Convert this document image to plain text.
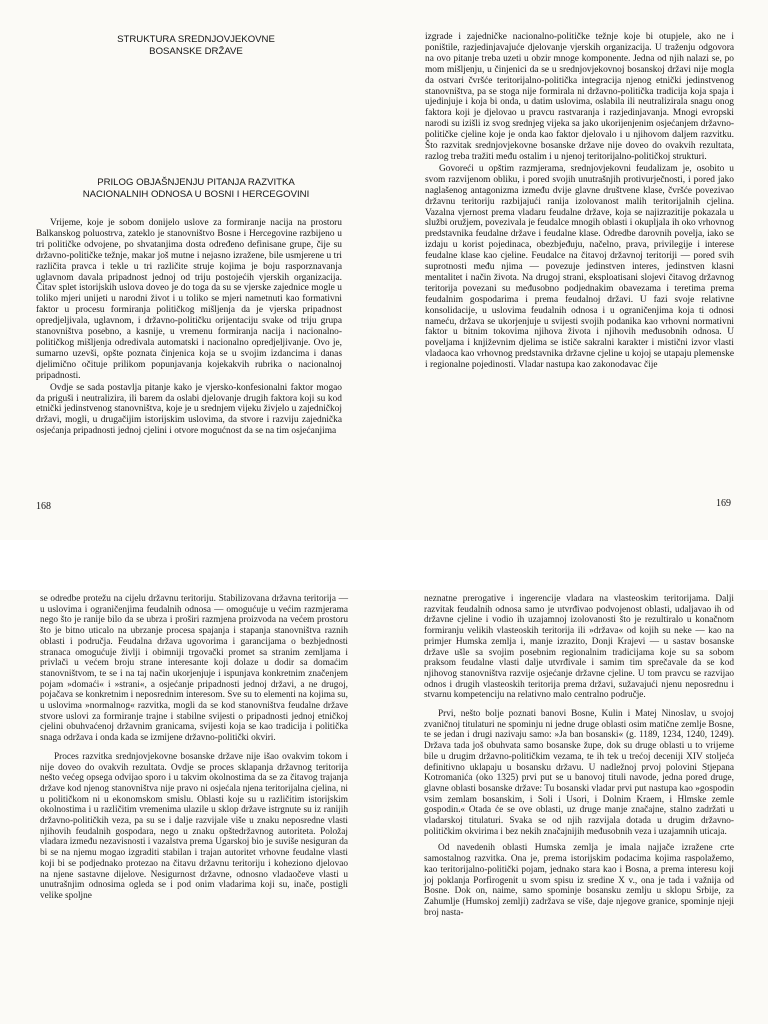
STRUKTURA SREDNJOVJEKOVNE

BOSANSKE DRŽAVE

PRILOG OBJAŠNJENJU PITANJA RAZVITKA

NACIONALNIH ODNOSA U BOSNI I HERCEGOVINI

Vrijeme, koje je sobom donijelo uslove za formiranje nacija na prostoru Balkanskog poluostrva, zateklo je stanovništvo Bosne i Hercegovine razbijeno u tri političke odvojene, po shvatanjima dosta određeno definisane grupe, čije su državno-političke težnje, makar još mutne i nejasno izražene, bile usmjerene u tri različita pravca i tekle u tri različite struje kojima je boju rasporznavanja uglavnom davala pripadnost jednoj od triju postojećih vjerskih organizacija. Čitav splet istorijskih uslova doveo je do toga da su se vjerske zajednice mogle u toliko mjeri unijeti u narodni život i u toliko se mjeri nametnuti kao formativni faktor u procesu formiranja političkog mišljenja da je vjerska pripadnost opredjeljivala, uglavnom, i državno-političku orijentaciju svake od triju grupa stanovništva posebno, a kasnije, u vremenu formiranja nacija i nacionalno-političkog mišljenja odredivala automatski i nacionalno opredjeljivanje. Ovo je, sumarno uzevši, opšte poznata činjenica koja se u svojim izdancima i danas djelimično očituje prilikom popunjavanja kojekakvih rubrika o nacionalnoj pripadnosti.

Ovdje se sada postavlja pitanje kako je vjersko-konfesionalni faktor mogao da priguši i neutralizira, ili barem da oslabi djelovanje drugih faktora koji su kod etnički jedinstvenog stanovništva, koje je u srednjem vijeku živjelo u zajedničkoj državi, mogli, u drugačijim istorijskim uslovima, da stvore i razviju zajednička osjećanja pripadnosti jednoj cjelini i otvore mogućnost da se na tim osjećanjima

168

izgrade i zajedničke nacionalno-političke težnje koje bi otupjele, ako ne i poništile, razjedinjavajuće djelovanje vjerskih organizacija. U traženju odgovora na ovo pitanje treba uzeti u obzir mnoge komponente. Jedna od njih nalazi se, po mom mišljenju, u činjenici da se u srednjovjekovnoj bosanskoj državi nije mogla da ostvari čvršće teritorijalno-politička integracija njenog etnički jedinstvenog stanovništva, pa se stoga nije formirala ni državno-politička tradicija koja spaja i ujedinjuje i koja bi onda, u datim uslovima, oslabila ili neutralizirala snagu onog faktora koji je djelovao u pravcu rastvaranja i razjedinjavanja. Mnogi evropski narodi su izišli iz svog srednjeg vijeka sa jako ukorijenjenim osjećanjem državno-političke cjeline koje je onda kao faktor djelovalo i u njihovom daljem razvitku. Što razvitak srednjovjekovne bosanske države nije doveo do ovakvih rezultata, razlog treba tražiti među ostalim i u njenoj teritorijalno-političkoj strukturi.

Govoreći u opštim razmjerama, srednjovjekovni feudalizam je, osobito u svom razvijenom obliku, i pored svojih unutrašnjih protivurječnosti, i pored jako naglašenog antagonizma između dvije glavne društvene klase, čvršće povezivao državnu teritoriju razbijajući ranija izolovanost malih teritorijalnih cjelina. Vazalna vjernost prema vladaru feudalne države, koja se najizrazitije pokazala u službi oružjem, povezivala je feudalce mnogih oblasti i okupljala ih oko vrhovnog predstavnika feudalne države i feudalne klase. Odredbe darovnih povelja, iako se izdaju u korist pojedinaca, obezbjeđuju, načelno, prava, privilegije i interese feudalne klase kao cjeline. Feudalce na čitavoj državnoj teritoriji — pored svih suprotnosti među njima — povezuje jedinstven interes, jedinstven klasni mentalitet i način života. Na drugoj strani, eksploatisani slojevi čitavog državnog teritorija povezani su međusobno podjednakim obavezama i teretima prema feudalnim gospodarima i prema feudalnoj državi. U fazi svoje relativne konsolidacije, u uslovima feudalnih odnosa i u ograničenjima koja ti odnosi nameću, država se ukorjenjuje u svijesti svojih podanika kao vrhovni normativni faktor u bitnim tokovima njihova života i njihovih međusobnih odnosa. U poveljama i književnim djelima se ističe sakralni karakter i mistični izvor vlasti vladaoca kao vrhovnog predstavnika državne cjeline u kojoj se utapaju plemenske i regionalne pojedinosti. Vladar nastupa kao zakonodavac čije

169

se odredbe protežu na cijelu državnu teritoriju. Stabilizovana državna teritorija — u uslovima i ograničenjima feudalnih odnosa — omogućuje u većim razmjerama nego što je ranije bilo da se ubrza i proširi razmjena proizvoda na većem prostoru što je bitno uticalo na ubrzanje procesa spajanja i stapanja stanovništva raznih oblasti i područja. Feudalna država ugovorima i garancijama o bezbjednosti stranaca omogućuje življi i obimniji trgovački promet sa stranim zemljama i privlači u većem broju strane interesante koji dolaze u dodir sa domaćim stanovništvom, te se i na taj način ukorjenjuje i ispunjava konkretnim značenjem pojam »domaći« i »strani«, a osjećanje pripadnosti jednoj državi, a ne drugoj, pojačava se konkretnim i neposrednim interesom. Sve su to elementi na kojima su, u uslovima »normalnog« razvitka, mogli da se kod stanovništva feudalne države stvore uslovi za formiranje trajne i stabilne svijesti o pripadnosti jednoj etničkoj cjelini obuhvaćenoj državnim granicama, svijesti koja se kao tradicija i politička snaga održava i onda kada se izmijene državno-politički okviri.

Proces razvitka srednjovjekovne bosanske države nije išao ovakvim tokom i nije doveo do ovakvih rezultata. Ovdje se proces sklapanja državnog teritorija nešto većeg opsega odvijao sporo i u takvim okolnostima da se za čitavog trajanja države kod njenog stanovništva nije pravo ni osjećala njena teritorijalna cjelina, ni u političkom ni u ekonomskom smislu. Oblasti koje su u različitim istorijskim okolnostima i u različitim vremenima ulazile u sklop države istrgnute su iz ranijih državno-političkih veza, pa su se i dalje razvijale više u znaku neposredne vlasti njihovih feudalnih gospodara, nego u znaku opštedržavnog autoriteta. Položaj vladara između nezavisnosti i vazalstva prema Ugarskoj bio je suviše nesiguran da bi se na njemu mogao izgraditi stabilan i trajan autoritet vrhovne feudalne vlasti koji bi se podjednako protezao na čitavu državnu teritoriju i koheziono djelovao na njene sastavne dijelove. Nesigurnost državne, odnosno vladaočeve vlasti u unutrašnjim odnosima ogleda se i pod onim vladarima koji su, inače, postigli velike spoljne

neznatne prerogative i ingerencije vladara na vlasteoskim teritorijama. Dalji razvitak feudalnih odnosa samo je utvrđivao podvojenost oblasti, udaljavao ih od državne cjeline i vodio ih uzajamnoj izolovanosti što je rezultiralo u konačnom formiranju velikih vlasteoskih teritorija ili »država« od kojih su neke — kao na primjer Humska zemlja i, manje izrazito, Donji Krajevi — u sastav bosanske države ušle sa svojim posebnim regionalnim tradicijama koje su sa sobom praksom feudalne vlasti dalje utvrđivale i samim tim sprečavale da se kod njihovog stanovništva razvije osjećanje državne cjeline. U tom pravcu se razvijao odnos i drugih vlasteoskih teritorija prema državi, sužavajući njenu neposrednu i stvarnu kompetenciju na relativno malo centralno područje.

Prvi, nešto bolje poznati banovi Bosne, Kulin i Matej Ninoslav, u svojoj zvaničnoj titulaturi ne spominju ni jedne druge oblasti osim matične zemlje Bosne, te se jedan i drugi nazivaju samo: »Ja ban bosanski« (g. 1189, 1234, 1240, 1249). Država tada još obuhvata samo bosanske župe, dok su druge oblasti u to vrijeme bile u drugim državno-političkim vezama, te ih tek u trećoj deceniji XIV stoljeća definitivno uklapaju u bosansku državu. U nadležnoj prvoj polovini Stjepana Kotromanića (oko 1325) prvi put se u banovoj tituli navode, jedna pored druge, glavne oblasti bosanske države: Tu bosanski vladar prvi put nastupa kao »gospodin vsim zemlam bosanskim, i Soli i Usori, i Dolnim Kraem, i Hlmske zemle gospodin.« Otada će se ove oblasti, uz druge manje značajne, stalno zadržati u vladarskoj titulaturi. Svaka se od njih razvijala dotada u drugim državno-političkim okvirima i bez nekih značajnijih međusobnih veza i uzajamnih uticaja.

Od navedenih oblasti Humska zemlja je imala najjače izražene crte samostalnog razvitka. Ona je, prema istorijskim podacima kojima raspolažemo, kao teritorijalno-politički pojam, jednako stara kao i Bosna, a prema interesu koji joj poklanja Porfirogenit u svom spisu iz sredine X v., ona je tada i važnija od Bosne. Dok on, naime, samo spominje bosansku zemlju u sklopu Srbije, za Zahumlje (Humskoj zemlji) zadržava se više, daje njegove granice, spominje njeji broj nasta-
